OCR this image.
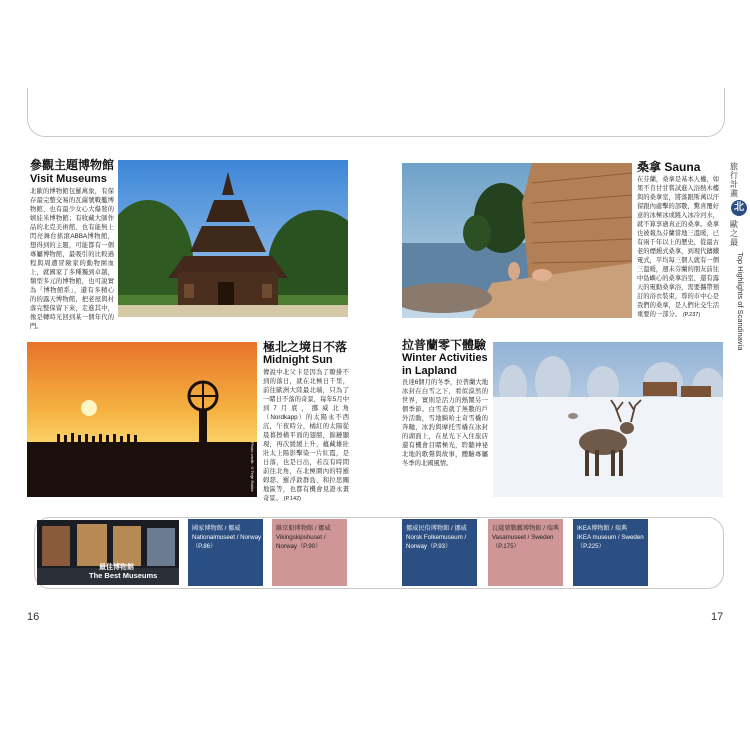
參觀主題博物館
Visit Museums
北歐的博物館包羅萬象，有保存最完整交易的瓦薩號戰艦博物館、也有最少女心大爆發的嬉娃米博物館；有收藏大師作品的北克美術館、也有能無上閃亮舞台搖滾ABBA博物館，想得到的主題，可能都有一個專屬博物館，最吸引的比較過程與周遭冒險家的動物園血上，就國家了多種獨到卓越，類型多元的博物館，也可說實為「博物館系」，還有多精心的的露天博物館，把老屋與村落完整保留下來，走進其中，像是轉時光回到某一個年代的門。
極北之境日不落
Midnight Sun
傳說中北父卡是因為了瞭掛不到的落日，就在北極日千里，前往歐洲大陸最北端，只為了一睹日不落的奇景，每年5月中到7月底，挪威北角（Nordkapp）的太陽永不西沉，午夜時分，橘紅的太陽從晨暮擦橫平面的翅膀，錦鏈顯現，再次緩緩上升，蘊藏雄壯壯太上陽影擊染一片紅霞，是日落，也是日出，若沒有時間前往北角，在北極圈內的特羅姆瑟、羅浮敦群島、和拉思關地區等，也都有機會見證永畫奇景。 (P.142)
Photo credit: ©Terje Rakke
16
桑拿 Sauna
在芬蘭，桑拿是基本人權，如果不肯甘甘嘗試進入浴熱木樓與的桑拿室，將落跟斯萬以汗留跟內處擊的部數，驚喜覆好意的冰極冰或跳入冰冷河水，就不算享過真正的桑拿。桑拿也被報為芬蘭當地三溫暖，已有兩千年以上的歷史，從最古老的煙燻式桑拿，到現代鑄鐵電式，平均每三個人就有一個三溫暖，週末芬蘭的朋友前往中島嶼心的桑拿浴室，還有露天的電動桑拿浴，需要攜帶預訂的浴衣裝束，尊的市中心是我們的桑拿，是人們社交生活重要的一部分。 (P.237)
旅行計畫
北
歐之最
Top Highlights of Scandinavia
拉普蘭零下體驗
Winter Activities in Lapland
長達6個月的冬季，拉普蘭大地冰封在白雪之下，看似漠然的世界，實則是活力的熱鬧另一個季節。白雪造就了無數的戶外活動，雪地騎哈士奇雪橇的奔馳、冰釣與摩托雪橇在冰封的湖面上，在星光下入住旅店還有機會目睹極光，聆聽神祕北地的歌聲與故事，體驗專屬冬季的北國風情。
17
最佳博物館
The Best Museums
國家博物館 / 挪威
Nationalmuseet / Norway
（P.86）
維京船博物館 / 挪威
Vikingskipshuset /
Norway（P.90）
挪威民俗博物館 / 挪威
Norsk Folkemuseum /
Norway（P.93）
瓦薩號戰艦博物館 / 瑞典
Vasamuseet / Sweden
（P.175）
IKEA博物館 / 瑞典
IKEA museum / Sweden
（P.225）
